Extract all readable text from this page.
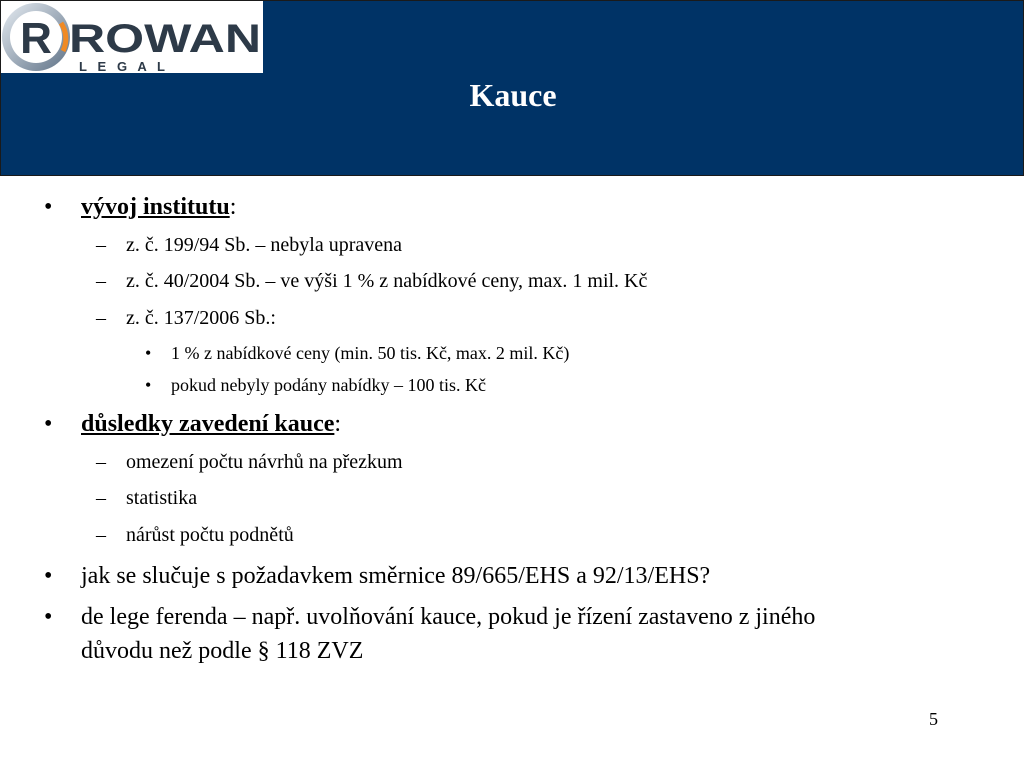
R ROWAN
L E G A L
Kauce
• vývoj institutu:
– z. č. 199/94 Sb. – nebyla upravena
– z. č. 40/2004 Sb. – ve výši 1 % z nabídkové ceny, max. 1 mil. Kč
– z. č. 137/2006 Sb.:
• 1 % z nabídkové ceny (min. 50 tis. Kč, max. 2 mil. Kč)
• pokud nebyly podány nabídky – 100 tis. Kč
• důsledky zavedení kauce:
– omezení počtu návrhů na přezkum
– statistika
– nárůst počtu podnětů
• jak se slučuje s požadavkem směrnice 89/665/EHS a 92/13/EHS?
• de lege ferenda – např. uvolňování kauce, pokud je řízení zastaveno z jiného
důvodu než podle § 118 ZVZ
5
